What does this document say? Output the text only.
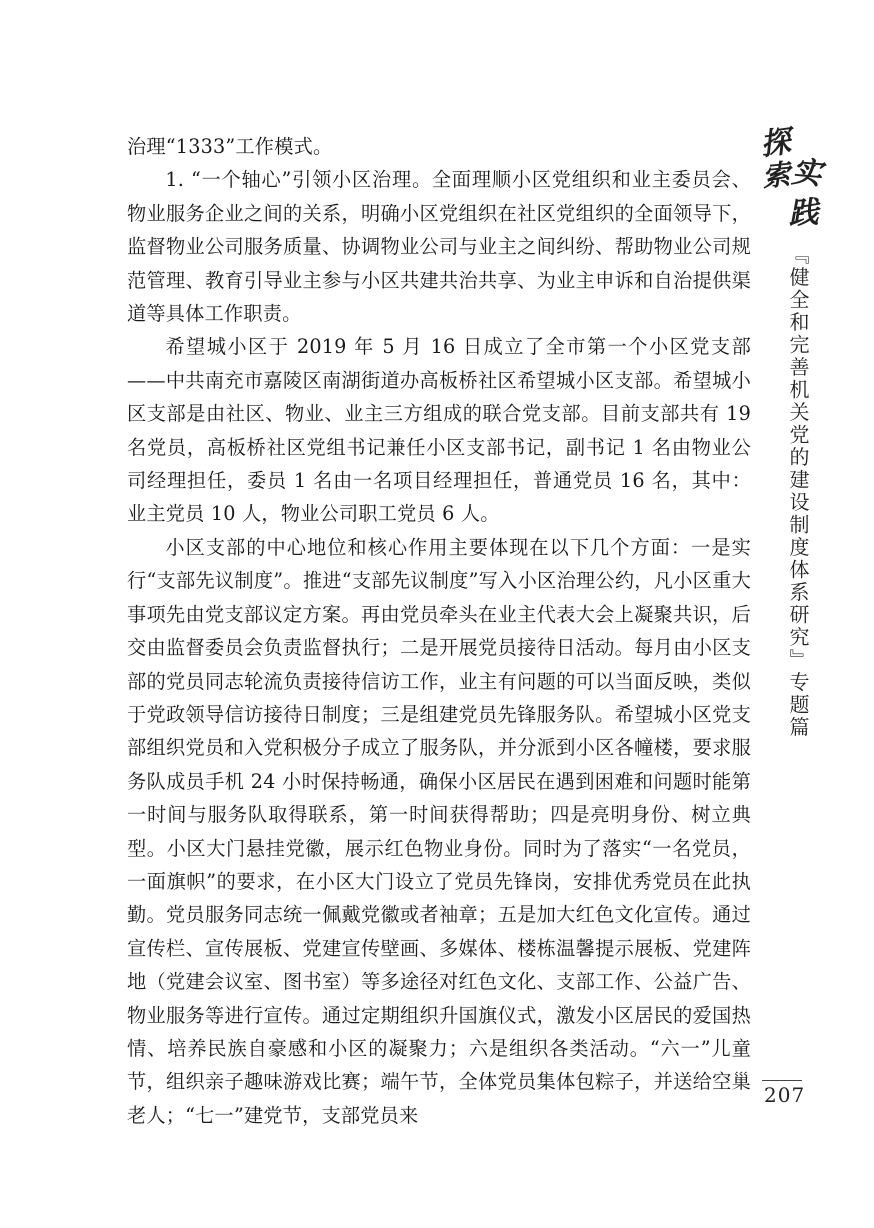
探
索
实
践
『健全和完善机关党的建设制度体系研究』专题篇

治理“1333”工作模式。

1. “一个轴心”引领小区治理。全面理顺小区党组织和业主委员会、物业服务企业之间的关系，明确小区党组织在社区党组织的全面领导下，监督物业公司服务质量、协调物业公司与业主之间纠纷、帮助物业公司规范管理、教育引导业主参与小区共建共治共享、为业主申诉和自治提供渠道等具体工作职责。

希望城小区于 2019 年 5 月 16 日成立了全市第一个小区党支部——中共南充市嘉陵区南湖街道办高板桥社区希望城小区支部。希望城小区支部是由社区、物业、业主三方组成的联合党支部。目前支部共有 19 名党员，高板桥社区党组书记兼任小区支部书记，副书记 1 名由物业公司经理担任，委员 1 名由一名项目经理担任，普通党员 16 名，其中：业主党员 10 人，物业公司职工党员 6 人。

小区支部的中心地位和核心作用主要体现在以下几个方面：一是实行“支部先议制度”。推进“支部先议制度”写入小区治理公约，凡小区重大事项先由党支部议定方案。再由党员牵头在业主代表大会上凝聚共识，后交由监督委员会负责监督执行；二是开展党员接待日活动。每月由小区支部的党员同志轮流负责接待信访工作，业主有问题的可以当面反映，类似于党政领导信访接待日制度；三是组建党员先锋服务队。希望城小区党支部组织党员和入党积极分子成立了服务队，并分派到小区各幢楼，要求服务队成员手机 24 小时保持畅通，确保小区居民在遇到困难和问题时能第一时间与服务队取得联系，第一时间获得帮助；四是亮明身份、树立典型。小区大门悬挂党徽，展示红色物业身份。同时为了落实“一名党员，一面旗帜”的要求，在小区大门设立了党员先锋岗，安排优秀党员在此执勤。党员服务同志统一佩戴党徽或者袖章；五是加大红色文化宣传。通过宣传栏、宣传展板、党建宣传壁画、多媒体、楼栋温馨提示展板、党建阵地（党建会议室、图书室）等多途径对红色文化、支部工作、公益广告、物业服务等进行宣传。通过定期组织升国旗仪式，激发小区居民的爱国热情、培养民族自豪感和小区的凝聚力；六是组织各类活动。“六一”儿童节，组织亲子趣味游戏比赛；端午节，全体党员集体包粽子，并送给空巢老人；“七一”建党节，支部党员来

207
